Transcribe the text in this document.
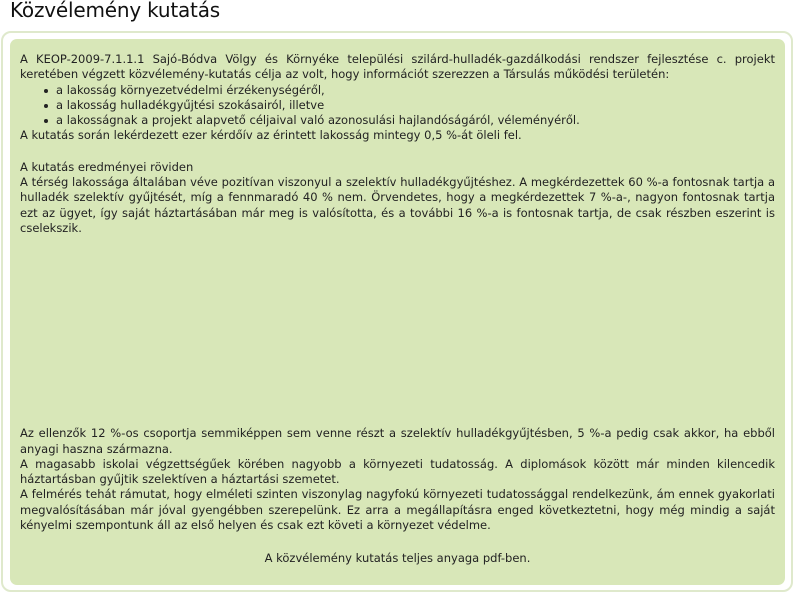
Közvélemény kutatás

A KEOP-2009-7.1.1.1 Sajó-Bódva Völgy és Környéke települési szilárd-hulladék-gazdálkodási rendszer fejlesztése c. projekt keretében végzett közvélemény-kutatás célja az volt, hogy információt szerezzen a Társulás működési területén:

a lakosság környezetvédelmi érzékenységéről,
a lakosság hulladékgyűjtési szokásairól, illetve
a lakosságnak a projekt alapvető céljaival való azonosulási hajlandóságáról, véleményéről.

A kutatás során lekérdezett ezer kérdőív az érintett lakosság mintegy 0,5 %-át öleli fel.

A kutatás eredményei röviden

A térség lakossága általában véve pozitívan viszonyul a szelektív hulladékgyűjtéshez. A megkérdezettek 60 %-a fontosnak tartja a hulladék szelektív gyűjtését, míg a fennmaradó 40 % nem. Örvendetes, hogy a megkérdezettek 7 %-a-, nagyon fontosnak tartja ezt az ügyet, így saját háztartásában már meg is valósította, és a további 16 %-a is fontosnak tartja, de csak részben eszerint is cselekszik.

Az ellenzők 12 %-os csoportja semmiképpen sem venne részt a szelektív hulladékgyűjtésben, 5 %-a pedig csak akkor, ha ebből anyagi haszna származna.

A magasabb iskolai végzettségűek körében nagyobb a környezeti tudatosság. A diplomások között már minden kilencedik háztartásban gyűjtik szelektíven a háztartási szemetet.

A felmérés tehát rámutat, hogy elméleti szinten viszonylag nagyfokú környezeti tudatossággal rendelkezünk, ám ennek gyakorlati megvalósításában már jóval gyengébben szerepelünk. Ez arra a megállapításra enged következtetni, hogy még mindig a saját kényelmi szempontunk áll az első helyen és csak ezt követi a környezet védelme.

A közvélemény kutatás teljes anyaga pdf-ben.
